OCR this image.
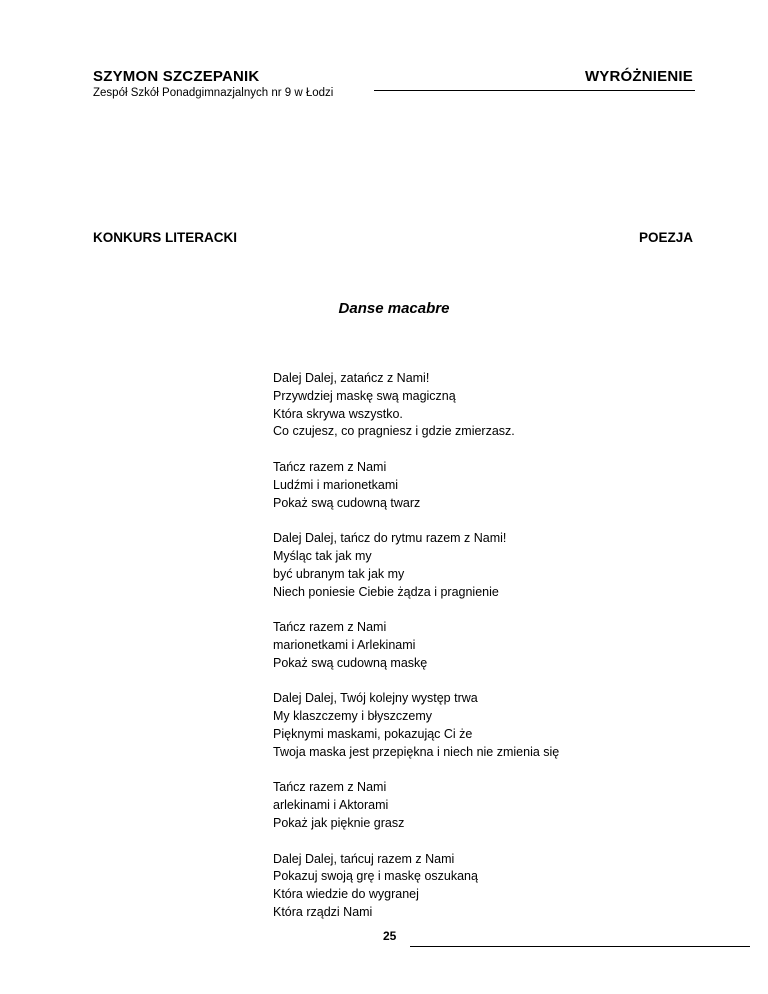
SZYMON SZCZEPANIK
Zespół Szkół Ponadgimnazjalnych nr 9 w Łodzi
WYRÓŻNIENIE
KONKURS LITERACKI	POEZJA
Danse macabre
Dalej Dalej, zatańcz z Nami!
Przywdziej maskę swą magiczną
Która skrywa wszystko.
Co czujesz, co pragniesz i gdzie zmierzasz.
Tańcz razem z Nami
Ludźmi i marionetkami
Pokaż swą cudowną twarz
Dalej Dalej, tańcz do rytmu razem z Nami!
Myśląc tak jak my
być ubranym tak jak my
Niech poniesie Ciebie żądza i pragnienie
Tańcz razem z Nami
marionetkami i Arlekinami
Pokaż swą cudowną maskę
Dalej Dalej, Twój kolejny występ trwa
My klaszczemy i błyszczemy
Pięknymi maskami, pokazując Ci że
Twoja maska jest przepiękna i niech nie zmienia się
Tańcz razem z Nami
arlekinami i Aktorami
Pokaż jak pięknie grasz
Dalej Dalej, tańcuj razem z Nami
Pokazuj swoją grę i maskę oszukaną
Która wiedzie do wygranej
Która rządzi Nami
25
